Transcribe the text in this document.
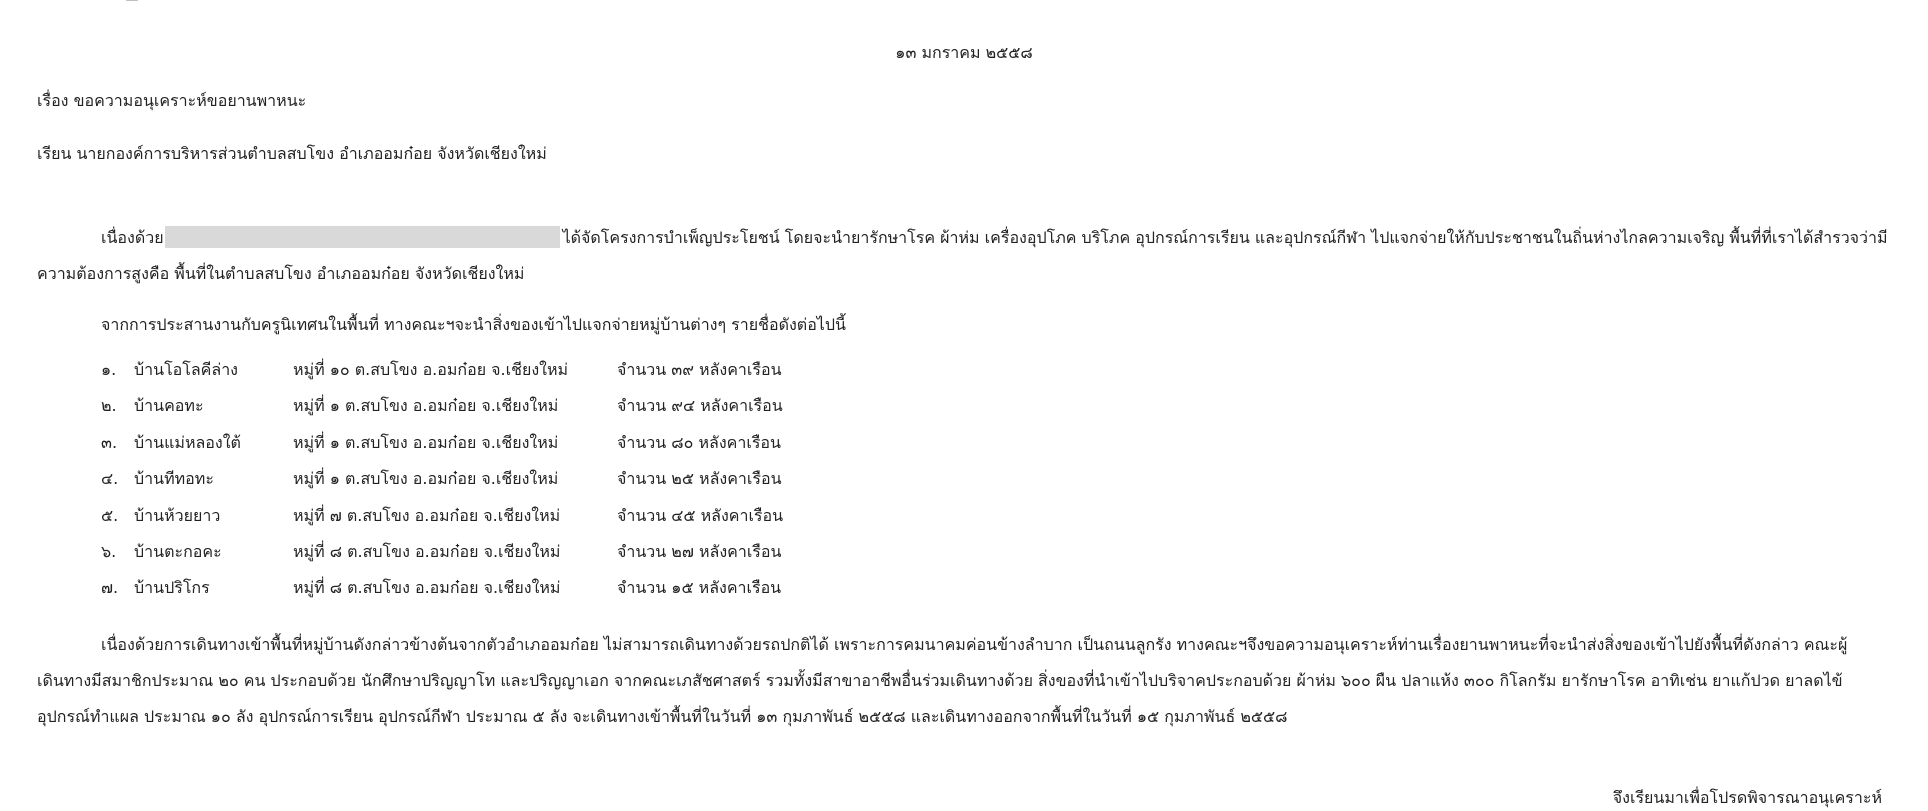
๑๓ มกราคม ๒๕๕๘
เรื่อง ขอความอนุเคราะห์ขอยานพาหนะ
เรียน นายกองค์การบริหารส่วนตำบลสบโขง อำเภออมก๋อย จังหวัดเชียงใหม่
เนื่องด้วย	ได้จัดโครงการบำเพ็ญประโยชน์ โดยจะนำยารักษาโรค ผ้าห่ม เครื่องอุปโภค บริโภค อุปกรณ์การเรียน และอุปกรณ์กีฬา ไปแจกจ่ายให้กับประชาชนในถิ่นห่างไกลความเจริญ พื้นที่ที่เราได้สำรวจว่ามี
ความต้องการสูงคือ พื้นที่ในตำบลสบโขง อำเภออมก๋อย จังหวัดเชียงใหม่
จากการประสานงานกับครูนิเทศนในพื้นที่ ทางคณะฯจะนำสิ่งของเข้าไปแจกจ่ายหมู่บ้านต่างๆ รายชื่อดังต่อไปนี้
๑. บ้านโอโลคีล่าง	หมู่ที่ ๑๐ ต.สบโขง อ.อมก๋อย จ.เชียงใหม่	จำนวน ๓๙ หลังคาเรือน
๒. บ้านคอทะ	หมู่ที่ ๑ ต.สบโขง อ.อมก๋อย จ.เชียงใหม่	จำนวน ๙๔ หลังคาเรือน
๓. บ้านแม่หลองใต้	หมู่ที่ ๑ ต.สบโขง อ.อมก๋อย จ.เชียงใหม่	จำนวน ๘๐ หลังคาเรือน
๔. บ้านทีทอทะ	หมู่ที่ ๑ ต.สบโขง อ.อมก๋อย จ.เชียงใหม่	จำนวน ๒๕ หลังคาเรือน
๕. บ้านห้วยยาว	หมู่ที่ ๗ ต.สบโขง อ.อมก๋อย จ.เชียงใหม่	จำนวน ๔๕ หลังคาเรือน
๖. บ้านตะกอคะ	หมู่ที่ ๘ ต.สบโขง อ.อมก๋อย จ.เชียงใหม่	จำนวน ๒๗ หลังคาเรือน
๗. บ้านปริโกร	หมู่ที่ ๘ ต.สบโขง อ.อมก๋อย จ.เชียงใหม่	จำนวน ๑๕ หลังคาเรือน
เนื่องด้วยการเดินทางเข้าพื้นที่หมู่บ้านดังกล่าวข้างต้นจากตัวอำเภออมก๋อย ไม่สามารถเดินทางด้วยรถปกติได้ เพราะการคมนาคมค่อนข้างลำบาก เป็นถนนลูกรัง ทางคณะฯจึงขอความอนุเคราะห์ท่านเรื่องยานพาหนะที่จะนำส่งสิ่งของเข้าไปยังพื้นที่ดังกล่าว คณะผู้
เดินทางมีสมาชิกประมาณ ๒๐ คน ประกอบด้วย นักศึกษาปริญญาโท และปริญญาเอก จากคณะเภสัชศาสตร์ รวมทั้งมีสาขาอาชีพอื่นร่วมเดินทางด้วย สิ่งของที่นำเข้าไปบริจาคประกอบด้วย ผ้าห่ม ๖๐๐ ผืน ปลาแห้ง ๓๐๐ กิโลกรัม ยารักษาโรค อาทิเช่น ยาแก้ปวด ยาลดไข้
อุปกรณ์ทำแผล ประมาณ ๑๐ ลัง อุปกรณ์การเรียน อุปกรณ์กีฬา ประมาณ ๕ ลัง จะเดินทางเข้าพื้นที่ในวันที่ ๑๓ กุมภาพันธ์ ๒๕๕๘ และเดินทางออกจากพื้นที่ในวันที่ ๑๕ กุมภาพันธ์ ๒๕๕๘
จึงเรียนมาเพื่อโปรดพิจารณาอนุเคราะห์
